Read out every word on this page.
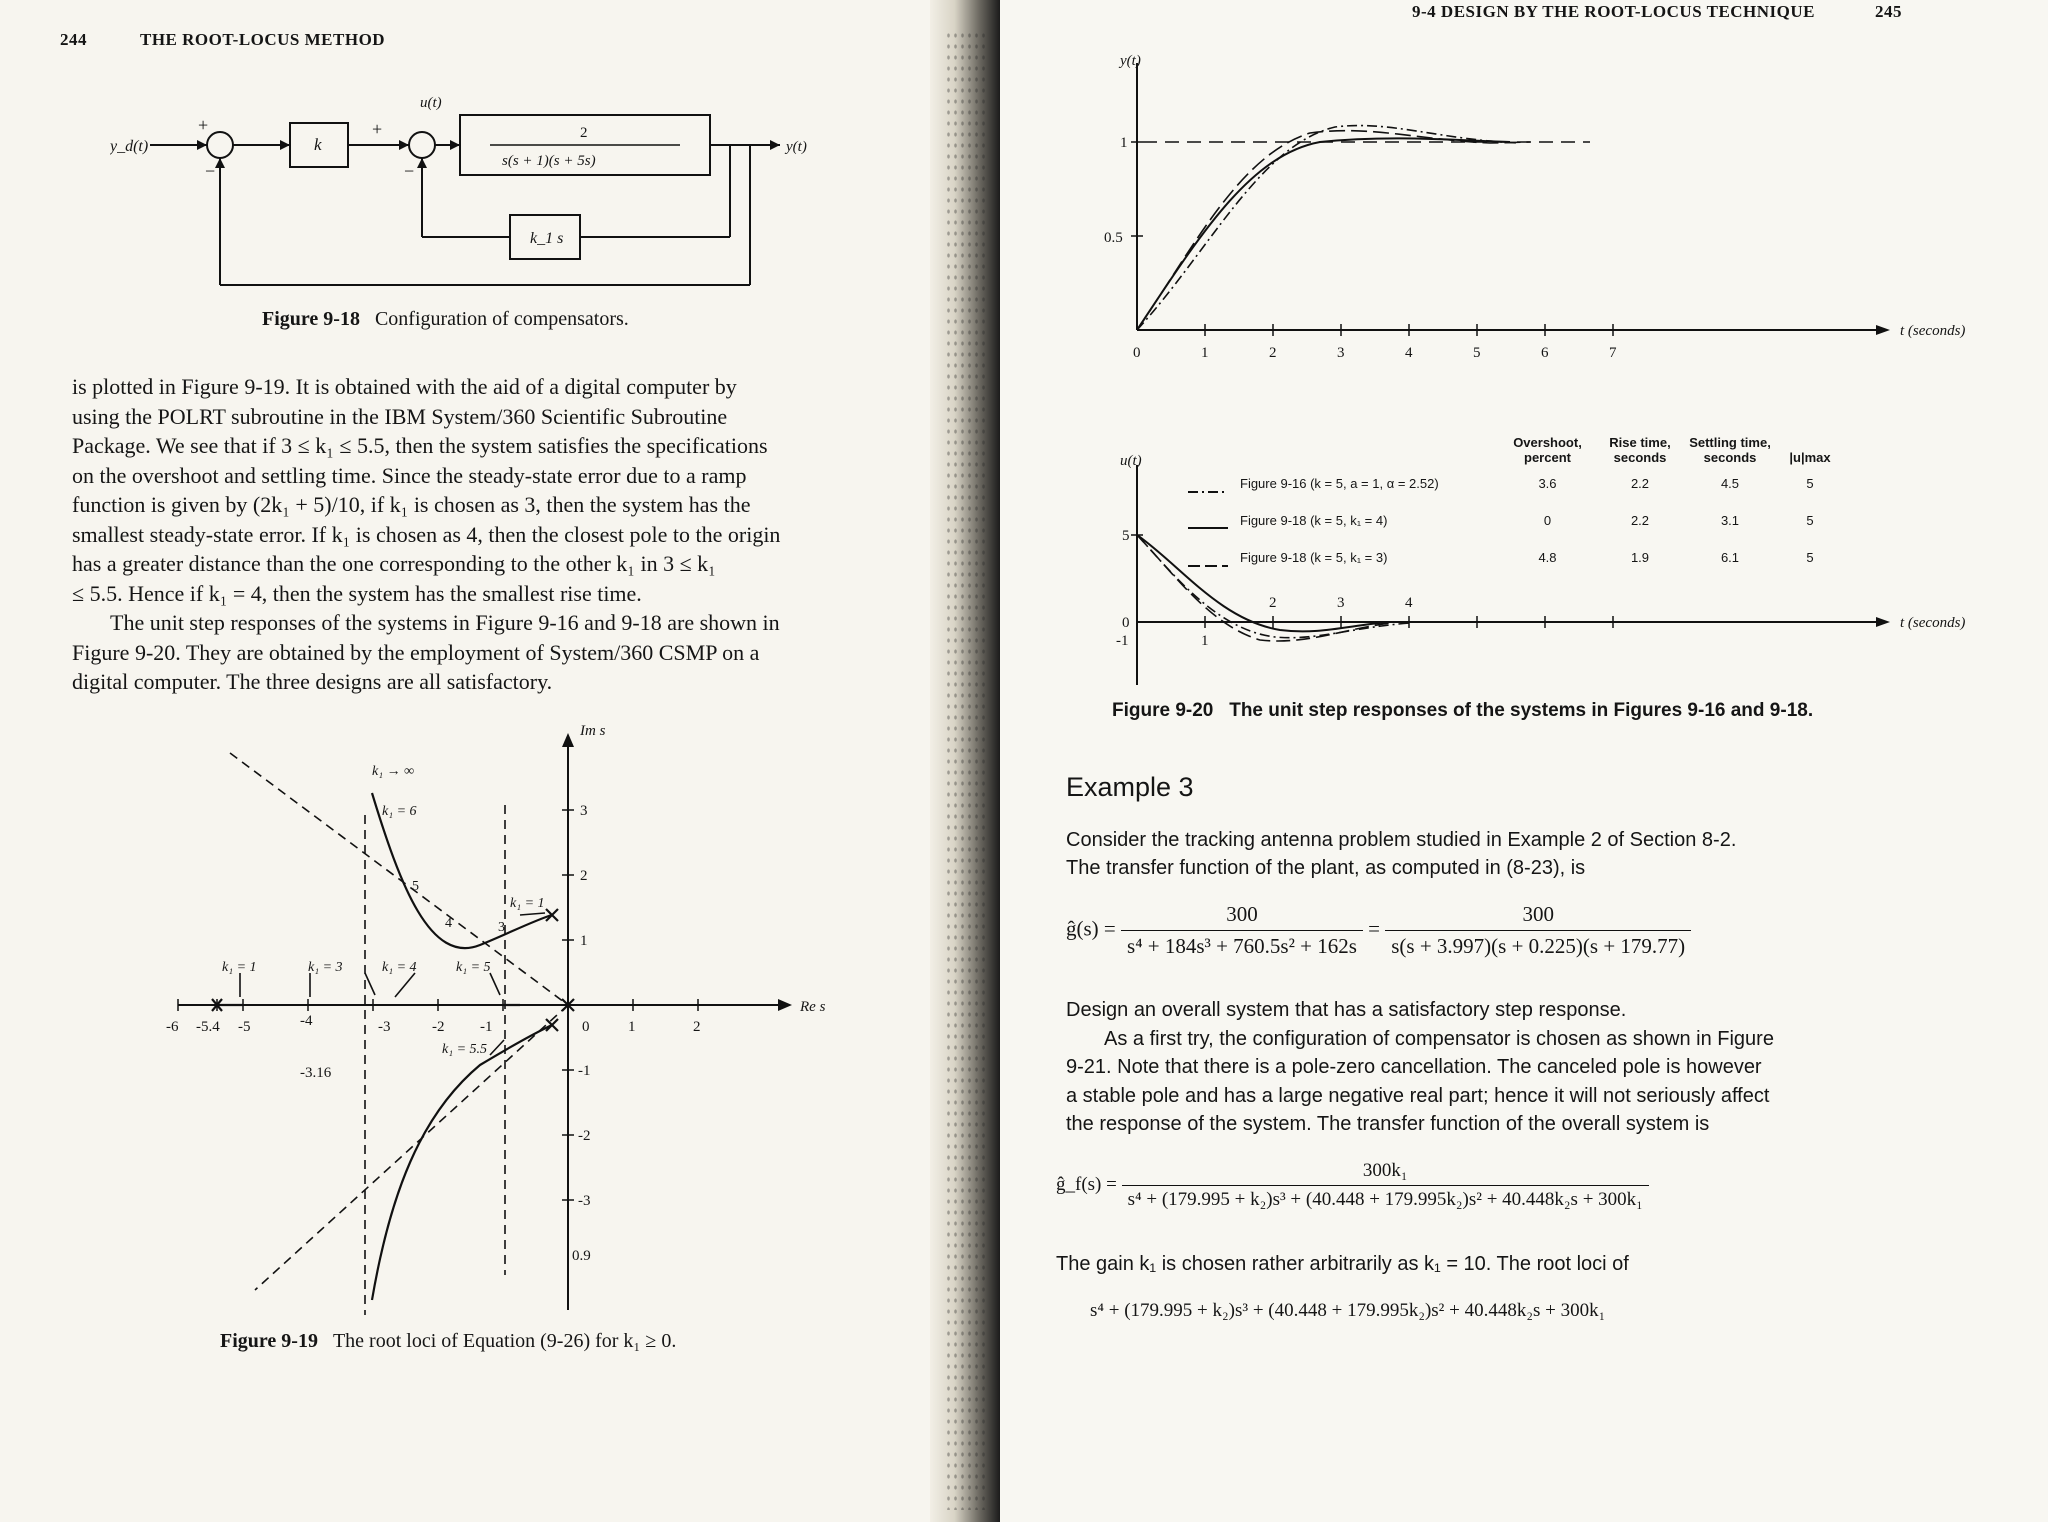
244	THE ROOT-LOCUS METHOD
y_d(t)
+
−
k
+
−
u(t)
2
s(s + 1)(s + 5s)
y(t)
k_1 s
Figure 9-18 Configuration of compensators.

is plotted in Figure 9-19. It is obtained with the aid of a digital computer by

using the POLRT subroutine in the IBM System/360 Scientific Subroutine

Package. We see that if 3 ≤ k₁ ≤ 5.5, then the system satisfies the specifications

on the overshoot and settling time. Since the steady-state error due to a ramp

function is given by (2k₁ + 5)/10, if k₁ is chosen as 3, then the system has the

smallest steady-state error. If k₁ is chosen as 4, then the closest pole to the origin

has a greater distance than the one corresponding to the other k₁ in 3 ≤ k₁

≤ 5.5. Hence if k₁ = 4, then the system has the smallest rise time.

The unit step responses of the systems in Figure 9-16 and 9-18 are shown in

Figure 9-20. They are obtained by the employment of System/360 CSMP on a

digital computer. The three designs are all satisfactory.

Im s
Re s
-6 -5.4 -5	-4	-3	-2 -1	0	1	2
3
2
1
-1
-2
-3
k₁ → ∞
k₁ = 6
k₁ = 1
k₁ = 1	k₁ = 3	k₁ = 4	k₁ = 5
k₁ = 5.5
5
4	3
-3.16
0.9
Figure 9-19 The root loci of Equation (9-26) for k₁ ≥ 0.
9-4 DESIGN BY THE ROOT-LOCUS TECHNIQUE	245
y(t)
1
0.5
t (seconds)
0	1	2	3	4	5	6	7
u(t)
5
0
-1	1
2	3	4
t (seconds)
	Overshoot, percent	Rise time, seconds	Settling time, seconds	|u|max
Figure 9-16 (k = 5, a = 1, α = 2.52)	3.6	2.2	4.5	5
Figure 9-18 (k = 5, k₁ = 4)	0	2.2	3.1	5
Figure 9-18 (k = 5, k₁ = 3)	4.8	1.9	6.1	5
Figure 9-20 The unit step responses of the systems in Figures 9-16 and 9-18.
Example 3

Consider the tracking antenna problem studied in Example 2 of Section 8-2.

The transfer function of the plant, as computed in (8-23), is

ĝ(s) = $\frac{300}{\text{s⁴ + 184s³ + 760.5s² + 162s}} = \frac{300}{s(s + 3.997)(s + 0.225)(s + 179.77)}$

Design an overall system that has a satisfactory step response.

As a first try, the configuration of compensator is chosen as shown in Figure

9-21. Note that there is a pole-zero cancellation. The canceled pole is however

a stable pole and has a large negative real part; hence it will not seriously affect

the response of the system. The transfer function of the overall system is

ĝ_f(s) =
300k₁
s⁴ + (179.995 + k₂)s³ + (40.448 + 179.995k₂)s² + 40.448k₂s + 300k₁
The gain k₁ is chosen rather arbitrarily as k₁ = 10. The root loci of
s⁴ + (179.995 + k₂)s³ + (40.448 + 179.995k₂)s² + 40.448k₂s + 300k₁
